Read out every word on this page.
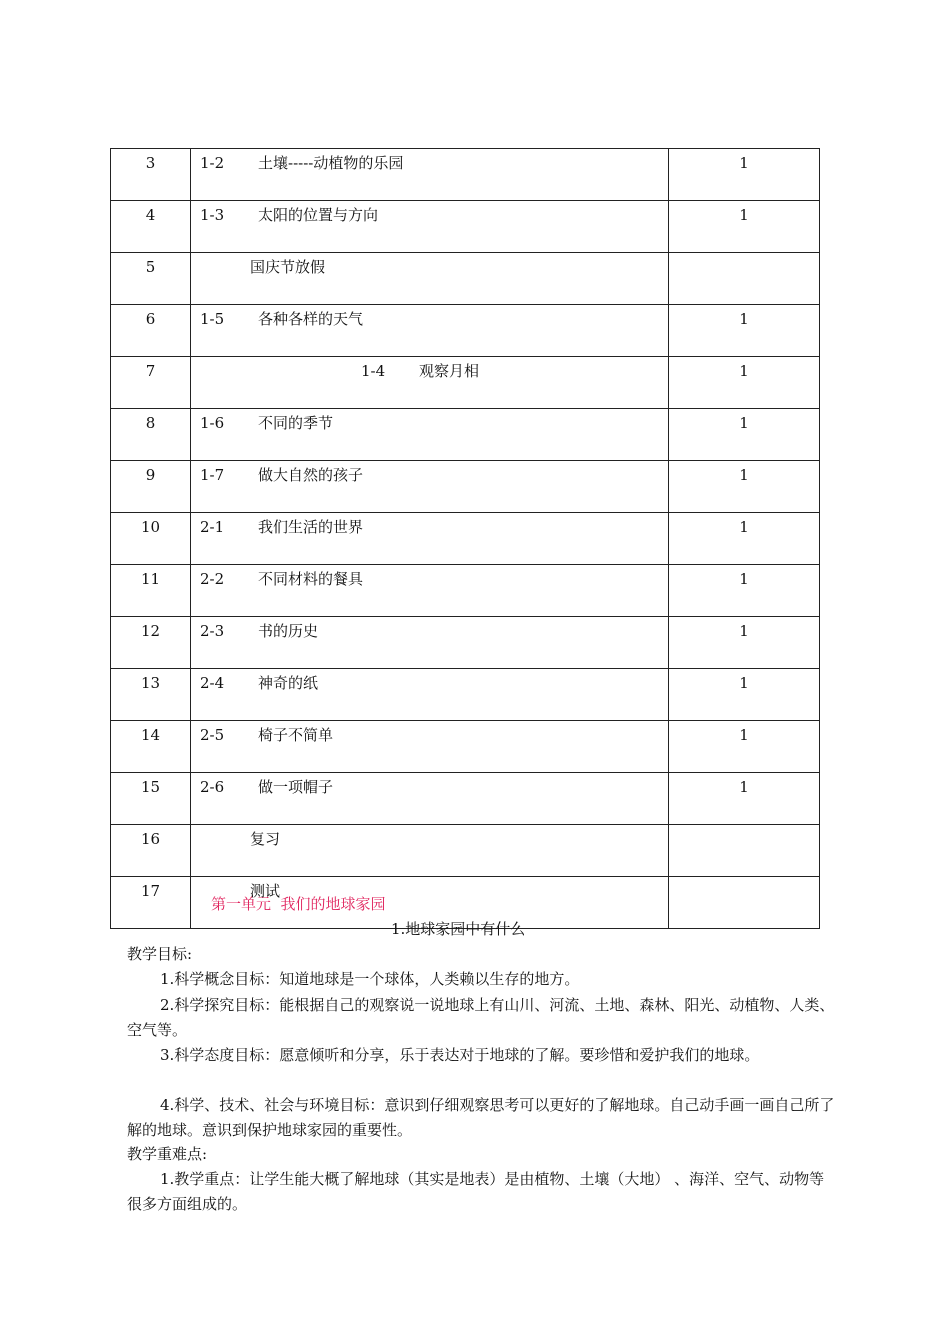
3	1-2 土壤-----动植物的乐园	1
4	1-3 太阳的位置与方向	1
5	国庆节放假	
6	1-5 各种各样的天气	1
7	1-4 观察月相	1
8	1-6 不同的季节	1
9	1-7 做大自然的孩子	1
10	2-1 我们生活的世界	1
11	2-2 不同材料的餐具	1
12	2-3 书的历史	1
13	2-4 神奇的纸	1
14	2-5 椅子不简单	1
15	2-6 做一项帽子	1
16	复习	
17	测试	
第一单元  我们的地球家园
1.地球家园中有什么
教学目标:
1.科学概念目标：知道地球是一个球体，人类赖以生存的地方。
2.科学探究目标：能根据自己的观察说一说地球上有山川、河流、土地、森林、阳光、动植物、人类、空气等。
3.科学态度目标：愿意倾听和分享，乐于表达对于地球的了解。要珍惜和爱护我们的地球。
4.科学、技术、社会与环境目标：意识到仔细观察思考可以更好的了解地球。自己动手画一画自己所了解的地球。意识到保护地球家园的重要性。
教学重难点:
1.教学重点：让学生能大概了解地球（其实是地表）是由植物、土壤（大地） 、海洋、空气、动物等很多方面组成的。
